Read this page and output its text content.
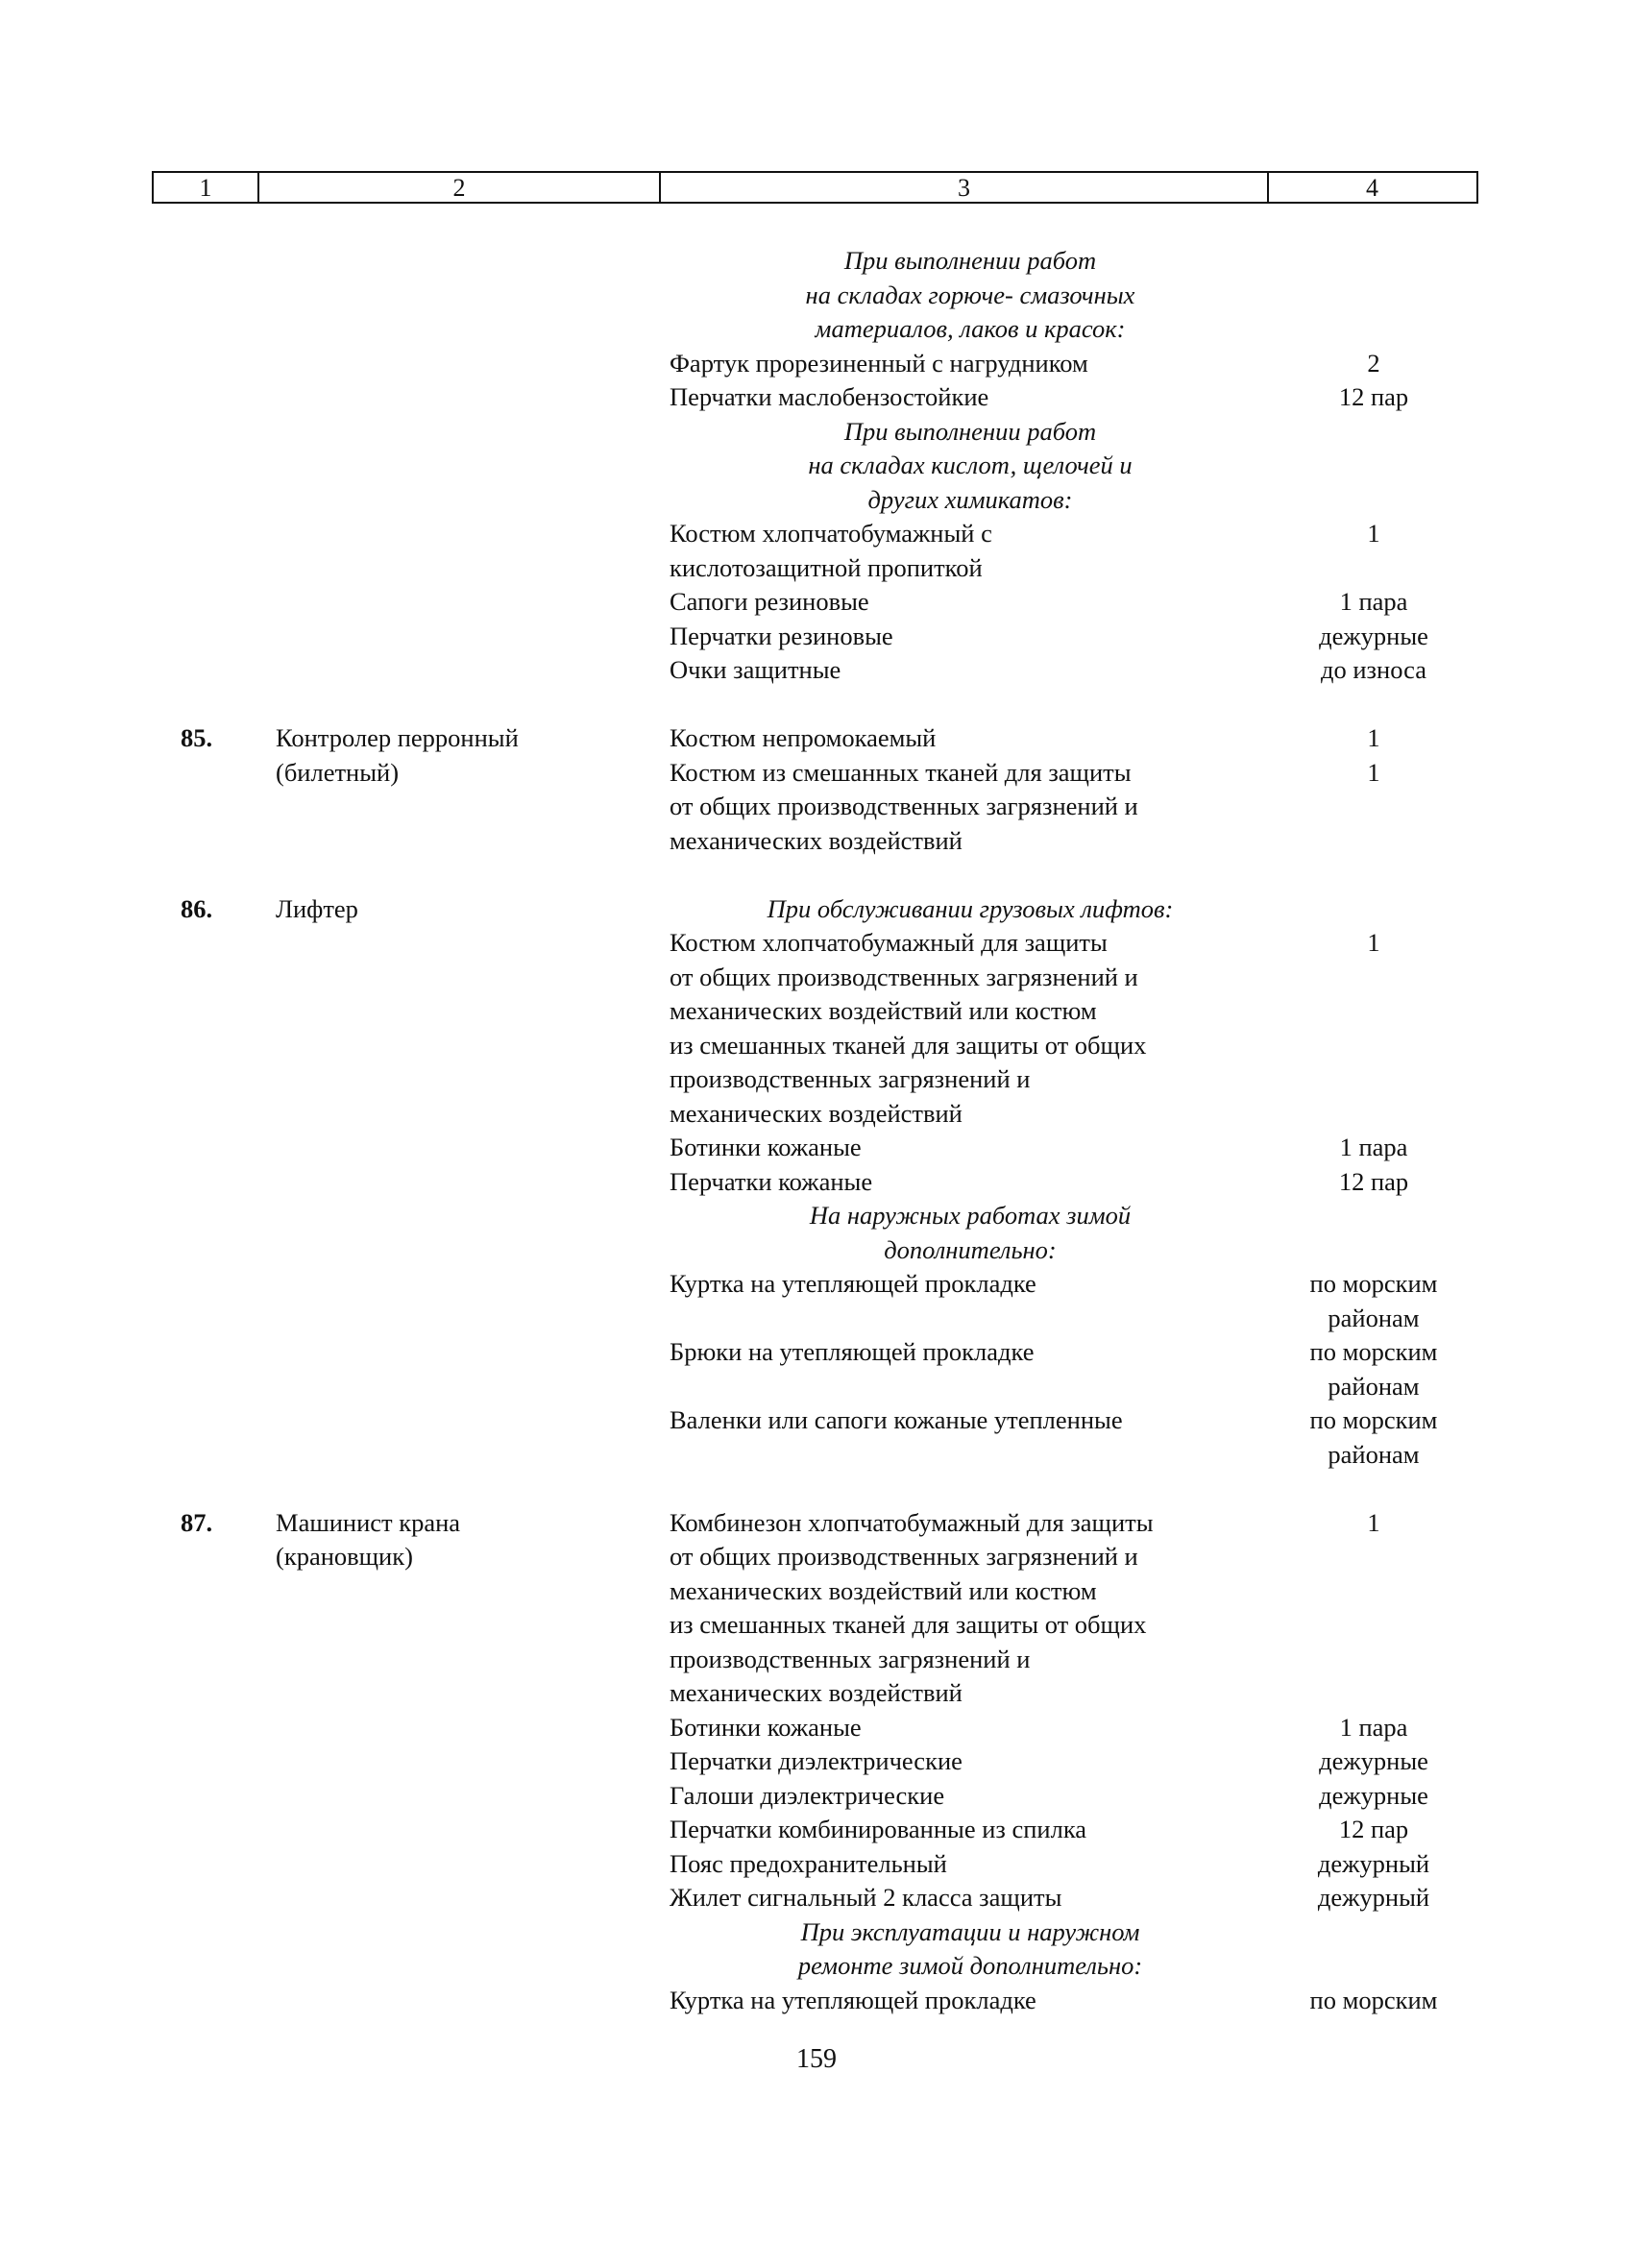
1	2	3	4
При выполнении работ
на складах горюче- смазочных
материалов, лаков и красок:
Фартук прорезиненный с нагрудником	2
Перчатки маслобензостойкие	12 пар
При выполнении работ
на складах кислот, щелочей и
других химикатов:
Костюм хлопчатобумажный с	1
кислотозащитной пропиткой
Сапоги резиновые	1 пара
Перчатки резиновые	дежурные
Очки защитные	до износа
85. Контролер перронный	Костюм непромокаемый	1
(билетный)	Костюм из смешанных тканей для защиты	1
от общих производственных загрязнений и
механических воздействий
86. Лифтер	При обслуживании грузовых лифтов:
Костюм хлопчатобумажный для защиты	1
от общих производственных загрязнений и
механических воздействий или костюм
из смешанных тканей для защиты от общих
производственных загрязнений и
механических воздействий
Ботинки кожаные	1 пара
Перчатки кожаные	12 пар
На наружных работах зимой
дополнительно:
Куртка на утепляющей прокладке	по морским
районам
Брюки на утепляющей прокладке	по морским
районам
Валенки или сапоги кожаные утепленные	по морским
районам
87. Машинист крана	Комбинезон хлопчатобумажный для защиты	1
(крановщик)	от общих производственных загрязнений и
механических воздействий или костюм
из смешанных тканей для защиты от общих
производственных загрязнений и
механических воздействий
Ботинки кожаные	1 пара
Перчатки диэлектрические	дежурные
Галоши диэлектрические	дежурные
Перчатки комбинированные из спилка	12 пар
Пояс предохранительный	дежурный
Жилет сигнальный 2 класса защиты	дежурный
При эксплуатации и наружном
ремонте зимой дополнительно:
Куртка на утепляющей прокладке	по морским
159
